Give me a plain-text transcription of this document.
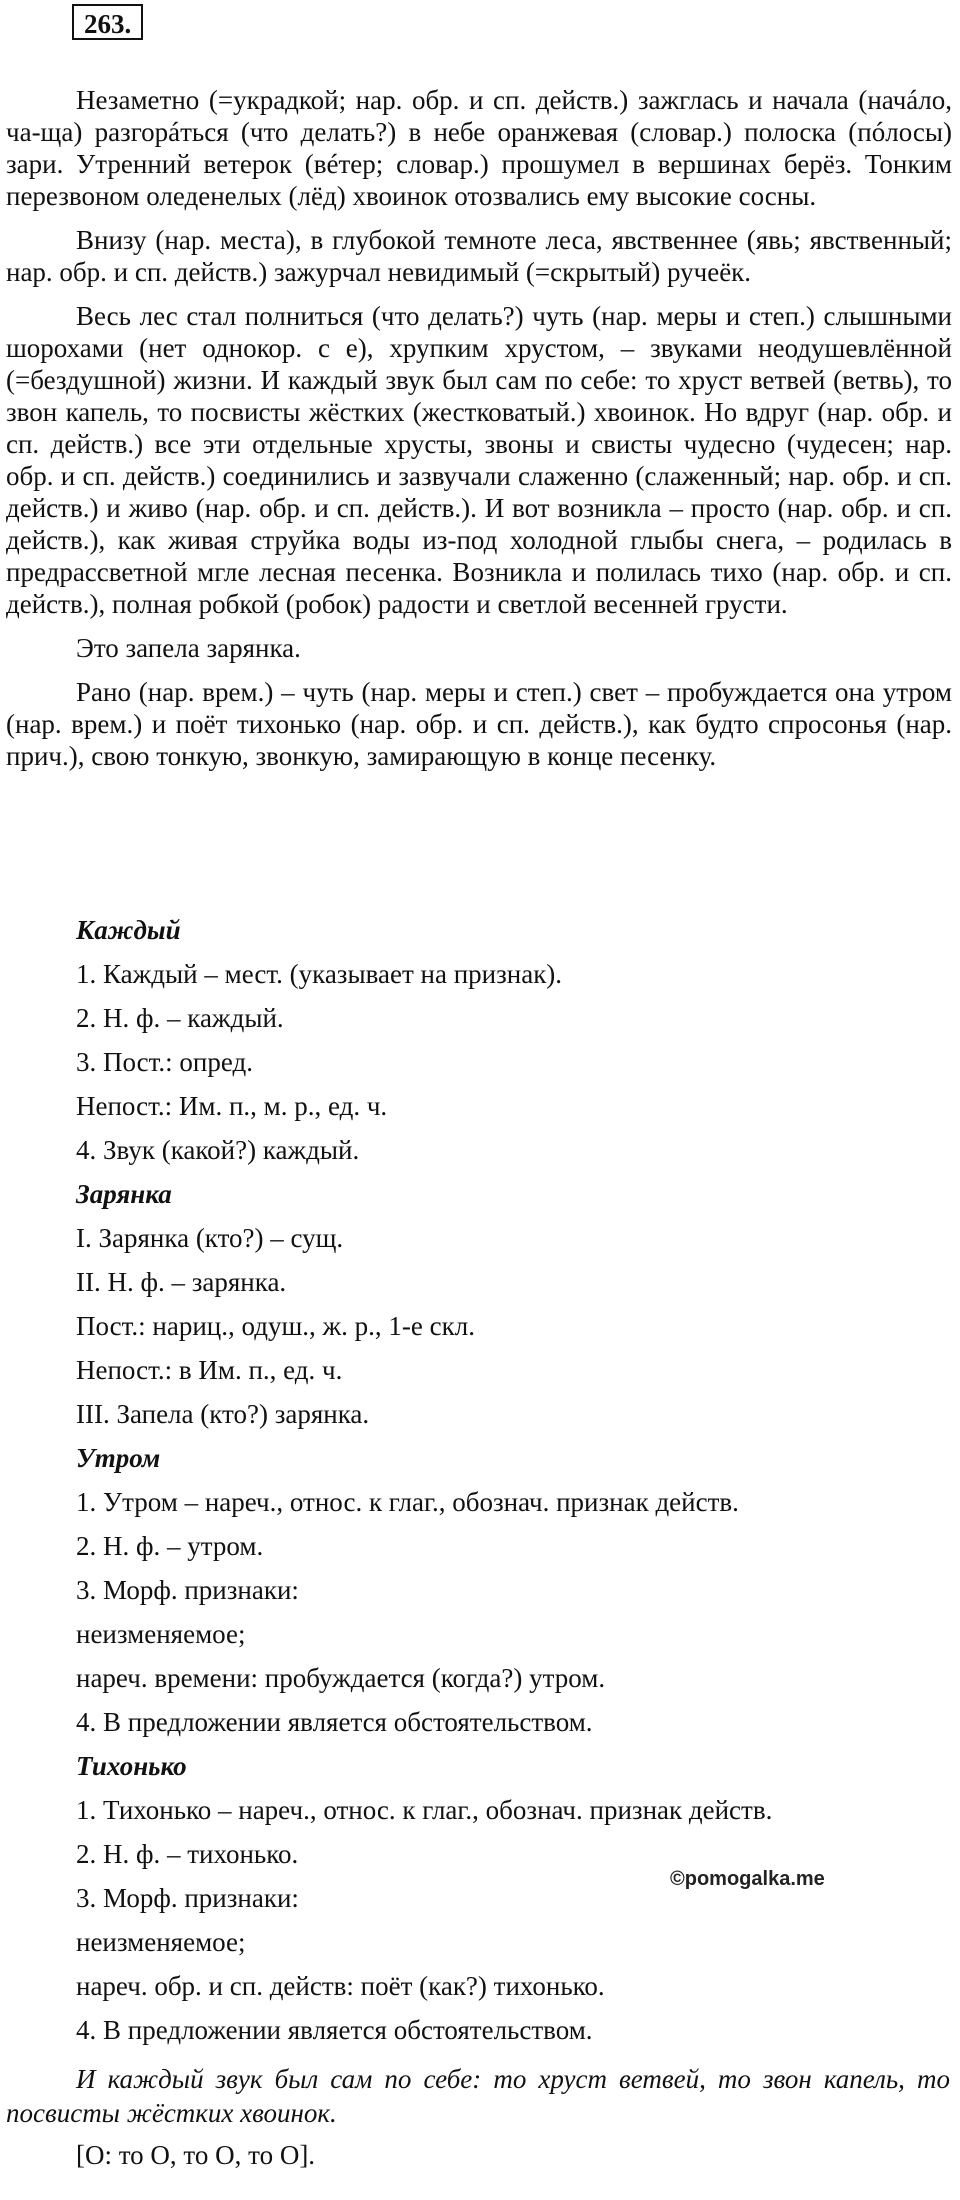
263.

Незаметно (=украдкой; нар. обр. и сп. действ.) зажглась и начала (начáло, ча-ща) разгорáться (что делать?) в небе оранжевая (словар.) полоска (пóлосы) зари. Утренний ветерок (вéтер; словар.) прошумел в вершинах берёз. Тонким перезвоном оледенелых (лёд) хвоинок отозвались ему высокие сосны.

Внизу (нар. места), в глубокой темноте леса, явственнее (явь; явственный; нар. обр. и сп. действ.) зажурчал невидимый (=скрытый) ручеёк.

Весь лес стал полниться (что делать?) чуть (нар. меры и степ.) слышными шорохами (нет однокор. с е), хрупким хрустом, – звуками неодушевлённой (=бездушной) жизни. И каждый звук был сам по себе: то хруст ветвей (ветвь), то звон капель, то посвисты жёстких (жестковатый.) хвоинок. Но вдруг (нар. обр. и сп. действ.) все эти отдельные хрусты, звоны и свисты чудесно (чудесен; нар. обр. и сп. действ.) соединились и зазвучали слаженно (слаженный; нар. обр. и сп. действ.) и живо (нар. обр. и сп. действ.). И вот возникла – просто (нар. обр. и сп. действ.), как живая струйка воды из-под холодной глыбы снега, – родилась в предрассветной мгле лесная песенка. Возникла и полилась тихо (нар. обр. и сп. действ.), полная робкой (робок) радости и светлой весенней грусти.

Это запела зарянка.

Рано (нар. врем.) – чуть (нар. меры и степ.) свет – пробуждается она утром (нар. врем.) и поёт тихонько (нар. обр. и сп. действ.), как будто спросонья (нар. прич.), свою тонкую, звонкую, замирающую в конце песенку.

Каждый
1. Каждый – мест. (указывает на признак).
2. Н. ф. – каждый.
3. Пост.: опред.
Непост.: Им. п., м. р., ед. ч.
4. Звук (какой?) каждый.
Зарянка
I. Зарянка (кто?) – сущ.
II. Н. ф. – зарянка.
Пост.: нариц., одуш., ж. р., 1-е скл.
Непост.: в Им. п., ед. ч.
III. Запела (кто?) зарянка.
Утром
1. Утром – нареч., относ. к глаг., обознач. признак действ.
2. Н. ф. – утром.
3. Морф. признаки:
неизменяемое;
нареч. времени: пробуждается (когда?) утром.
4. В предложении является обстоятельством.
Тихонько
1. Тихонько – нареч., относ. к глаг., обознач. признак действ.
2. Н. ф. – тихонько.
3. Морф. признаки:
неизменяемое;
нареч. обр. и сп. действ: поёт (как?) тихонько.
4. В предложении является обстоятельством.
©pomogalka.me

И каждый звук был сам по себе: то хруст ветвей, то звон капель, то посвисты жёстких хвоинок.

[О: то О, то О, то О].
